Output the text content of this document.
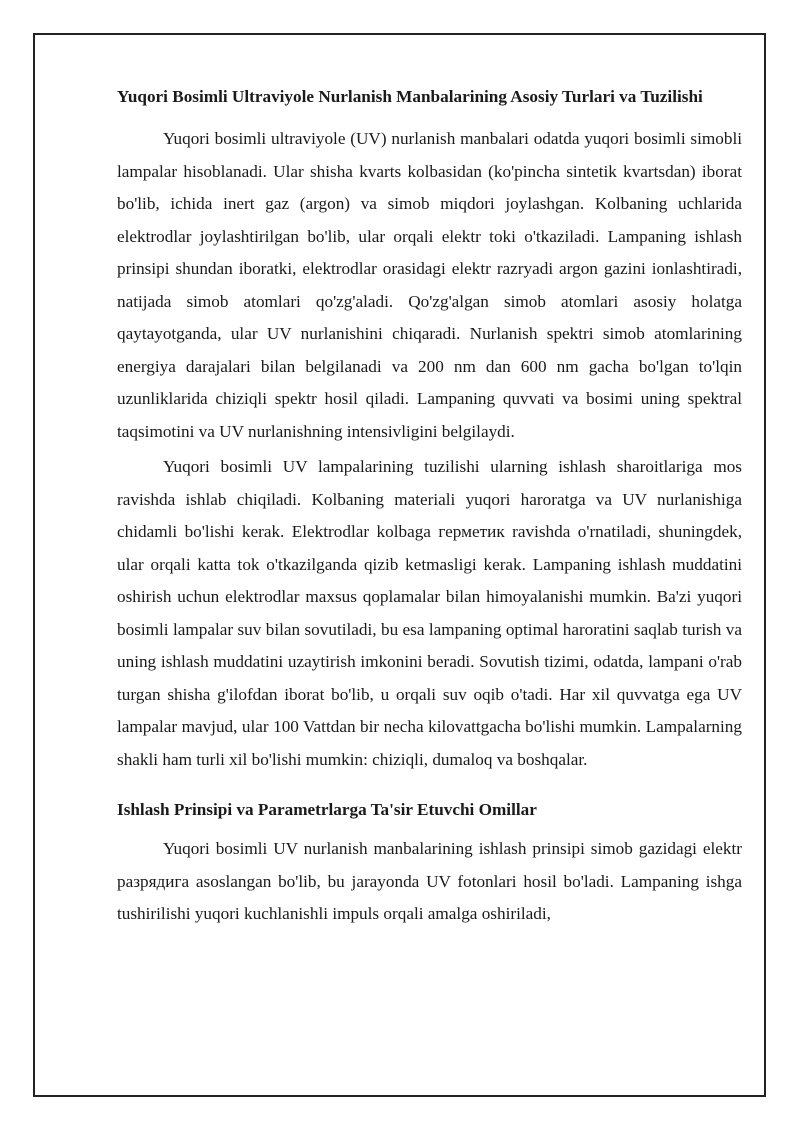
Yuqori Bosimli Ultraviyole Nurlanish Manbalarining Asosiy Turlari va Tuzilishi

Yuqori bosimli ultraviyole (UV) nurlanish manbalari odatda yuqori bosimli simobli lampalar hisoblanadi. Ular shisha kvarts kolbasidan (ko'pincha sintetik kvartsdan) iborat bo'lib, ichida inert gaz (argon) va simob miqdori joylashgan. Kolbaning uchlarida elektrodlar joylashtirilgan bo'lib, ular orqali elektr toki o'tkaziladi. Lampaning ishlash prinsipi shundan iboratki, elektrodlar orasidagi elektr razryadi argon gazini ionlashtiradi, natijada simob atomlari qo'zg'aladi. Qo'zg'algan simob atomlari asosiy holatga qaytayotganda, ular UV nurlanishini chiqaradi. Nurlanish spektri simob atomlarining energiya darajalari bilan belgilanadi va 200 nm dan 600 nm gacha bo'lgan to'lqin uzunliklarida chiziqli spektr hosil qiladi. Lampaning quvvati va bosimi uning spektral taqsimotini va UV nurlanishning intensivligini belgilaydi.

Yuqori bosimli UV lampalarining tuzilishi ularning ishlash sharoitlariga mos ravishda ishlab chiqiladi. Kolbaning materiali yuqori haroratga va UV nurlanishiga chidamli bo'lishi kerak. Elektrodlar kolbaga герметик ravishda o'rnatiladi, shuningdek, ular orqali katta tok o'tkazilganda qizib ketmasligi kerak. Lampaning ishlash muddatini oshirish uchun elektrodlar maxsus qoplamalar bilan himoyalanishi mumkin. Ba'zi yuqori bosimli lampalar suv bilan sovutiladi, bu esa lampaning optimal haroratini saqlab turish va uning ishlash muddatini uzaytirish imkonini beradi. Sovutish tizimi, odatda, lampani o'rab turgan shisha g'ilofdan iborat bo'lib, u orqali suv oqib o'tadi. Har xil quvvatga ega UV lampalar mavjud, ular 100 Vattdan bir necha kilovattgacha bo'lishi mumkin. Lampalarning shakli ham turli xil bo'lishi mumkin: chiziqli, dumaloq va boshqalar.

Ishlash Prinsipi va Parametrlarga Ta'sir Etuvchi Omillar

Yuqori bosimli UV nurlanish manbalarining ishlash prinsipi simob gazidagi elektr разрядига asoslangan bo'lib, bu jarayonda UV fotonlari hosil bo'ladi. Lampaning ishga tushirilishi yuqori kuchlanishli impuls orqali amalga oshiriladi,
